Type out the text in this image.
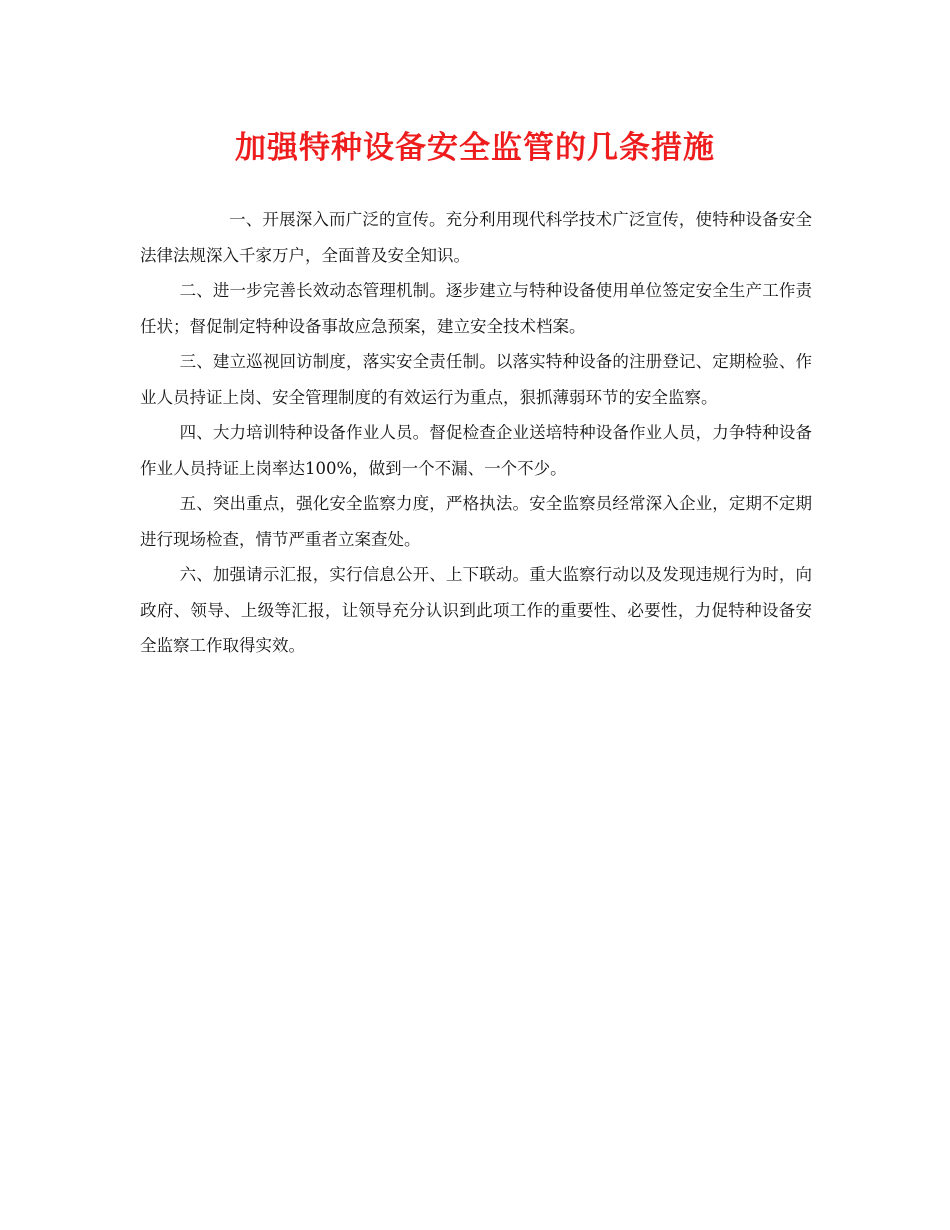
加强特种设备安全监管的几条措施

一、开展深入而广泛的宣传。充分利用现代科学技术广泛宣传，使特种设备安全法律法规深入千家万户，全面普及安全知识。

二、进一步完善长效动态管理机制。逐步建立与特种设备使用单位签定安全生产工作责任状；督促制定特种设备事故应急预案，建立安全技术档案。

三、建立巡视回访制度，落实安全责任制。以落实特种设备的注册登记、定期检验、作业人员持证上岗、安全管理制度的有效运行为重点，狠抓薄弱环节的安全监察。

四、大力培训特种设备作业人员。督促检查企业送培特种设备作业人员，力争特种设备作业人员持证上岗率达100%，做到一个不漏、一个不少。

五、突出重点，强化安全监察力度，严格执法。安全监察员经常深入企业，定期不定期进行现场检查，情节严重者立案查处。

六、加强请示汇报，实行信息公开、上下联动。重大监察行动以及发现违规行为时，向政府、领导、上级等汇报，让领导充分认识到此项工作的重要性、必要性，力促特种设备安全监察工作取得实效。
